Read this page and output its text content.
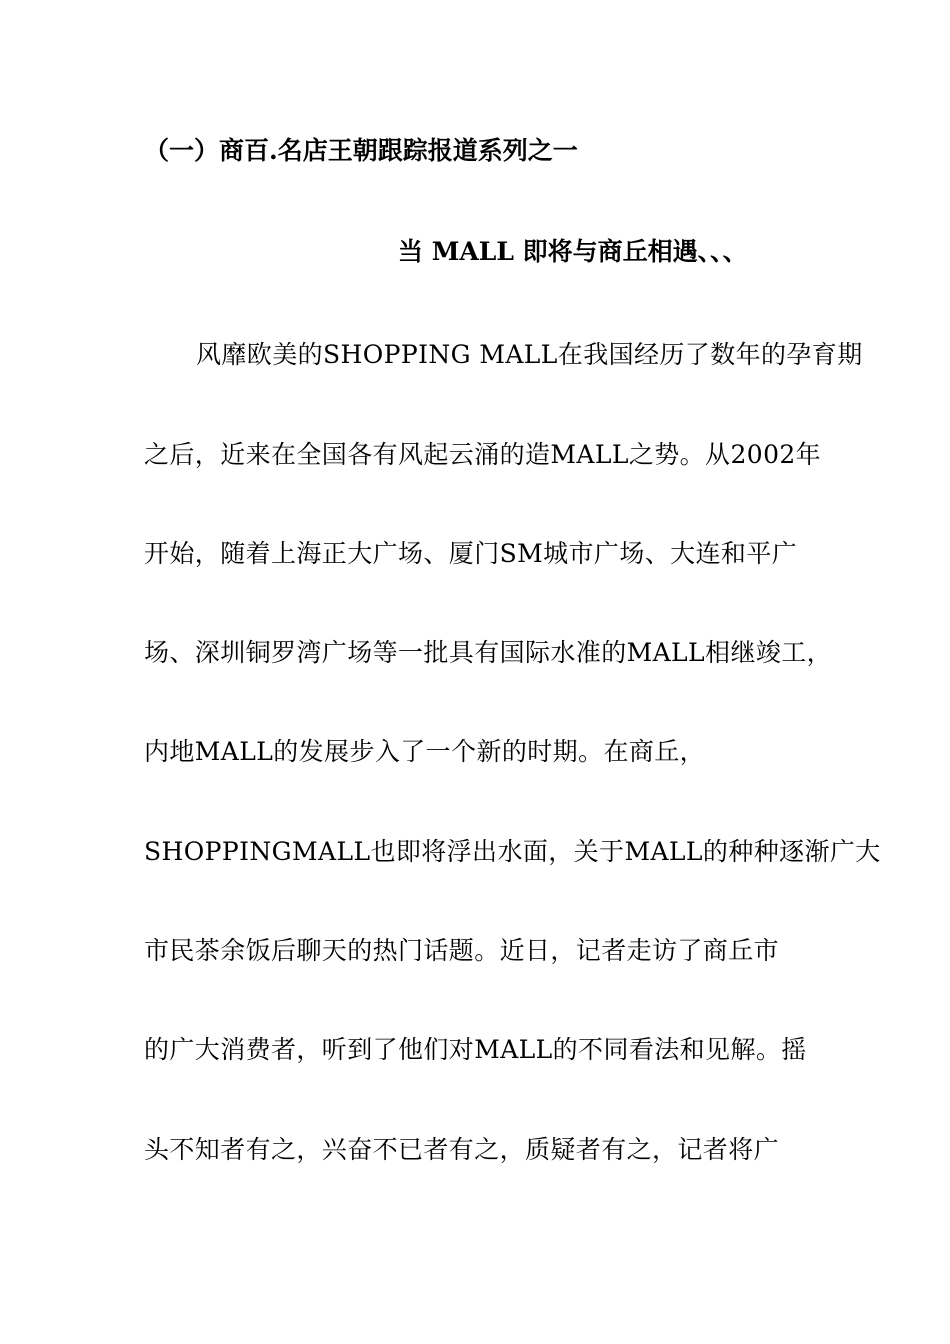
（一）商百.名店王朝跟踪报道系列之一
当 MALL 即将与商丘相遇、、、
风靡欧美的SHOPPING MALL在我国经历了数年的孕育期
之后，近来在全国各有风起云涌的造MALL之势。从2002年
开始，随着上海正大广场、厦门SM城市广场、大连和平广
场、深圳铜罗湾广场等一批具有国际水准的MALL相继竣工，
内地MALL的发展步入了一个新的时期。在商丘，
SHOPPINGMALL也即将浮出水面，关于MALL的种种逐渐广大
市民茶余饭后聊天的热门话题。近日，记者走访了商丘市
的广大消费者，听到了他们对MALL的不同看法和见解。摇
头不知者有之，兴奋不已者有之，质疑者有之，记者将广
